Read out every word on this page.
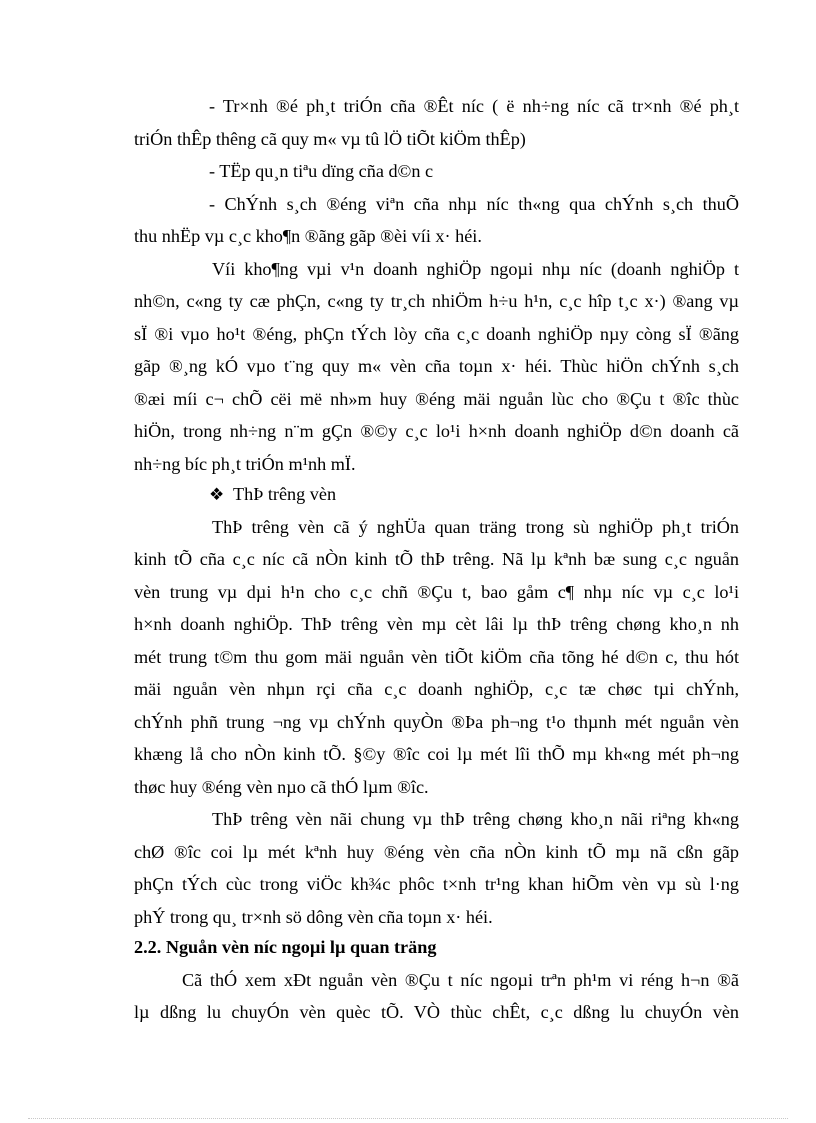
- Tr×nh ®é ph¸t triÓn cña ®Êt níc ( ë nh÷ng níc cã tr×nh ®é ph¸t
triÓn thÊp thêng cã quy m« vµ tû lÖ tiÕt kiÖm thÊp)
- TËp qu¸n tiªu dïng cña d©n c
- ChÝnh s¸ch ®éng viªn cña nhµ níc th«ng qua chÝnh s¸ch thuÕ
thu nhËp vµ c¸c kho¶n ®ãng gãp ®èi víi x· héi.
Víi kho¶ng vµi v¹n doanh nghiÖp ngoµi nhµ níc (doanh nghiÖp t
nh©n, c«ng ty cæ phÇn, c«ng ty tr¸ch nhiÖm h÷u h¹n, c¸c hîp t¸c x·) ®ang vµ
sÏ ®i vµo ho¹t ®éng, phÇn tÝch lòy cña c¸c doanh nghiÖp nµy còng sÏ ®ãng
gãp ®¸ng kÓ vµo t¨ng quy m« vèn cña toµn x· héi. Thùc hiÖn chÝnh s¸ch
®æi míi c¬ chÕ cëi më nh»m huy ®éng mäi nguån lùc cho ®Çu t ®îc thùc
hiÖn, trong nh÷ng n¨m gÇn ®©y c¸c lo¹i h×nh doanh nghiÖp d©n doanh cã
nh÷ng bíc ph¸t triÓn m¹nh mÏ.
❖ ThÞ trêng vèn
ThÞ trêng vèn cã ý nghÜa quan träng trong sù nghiÖp ph¸t triÓn
kinh tÕ cña c¸c níc cã nÒn kinh tÕ thÞ trêng. Nã lµ kªnh bæ sung c¸c nguån
vèn trung vµ dµi h¹n cho c¸c chñ ®Çu t, bao gåm c¶ nhµ níc vµ c¸c lo¹i
h×nh doanh nghiÖp. ThÞ trêng vèn mµ cèt lâi lµ thÞ trêng chøng kho¸n nh
mét trung t©m thu gom mäi nguån vèn tiÕt kiÖm cña tõng hé d©n c, thu hót
mäi nguån vèn nhµn rçi cña c¸c doanh nghiÖp, c¸c tæ chøc tµi chÝnh,
chÝnh phñ trung ¬ng vµ chÝnh quyÒn ®Þa ph¬ng t¹o thµnh mét nguån vèn
khæng lå cho nÒn kinh tÕ. §©y ®îc coi lµ mét lîi thÕ mµ kh«ng mét ph¬ng
thøc huy ®éng vèn nµo cã thÓ lµm ®îc.
ThÞ trêng vèn nãi chung vµ thÞ trêng chøng kho¸n nãi riªng kh«ng
chØ ®îc coi lµ mét kªnh huy ®éng vèn cña nÒn kinh tÕ mµ nã cßn gãp
phÇn tÝch cùc trong viÖc kh¾c phôc t×nh tr¹ng khan hiÕm vèn vµ sù l·ng
phÝ trong qu¸ tr×nh sö dông vèn cña toµn x· héi.
2.2. Nguån vèn níc ngoµi lµ quan träng
Cã thÓ xem xÐt nguån vèn ®Çu t níc ngoµi trªn ph¹m vi réng h¬n ®ã
lµ dßng lu chuyÓn vèn quèc tÕ. VÒ thùc chÊt, c¸c dßng lu chuyÓn vèn
